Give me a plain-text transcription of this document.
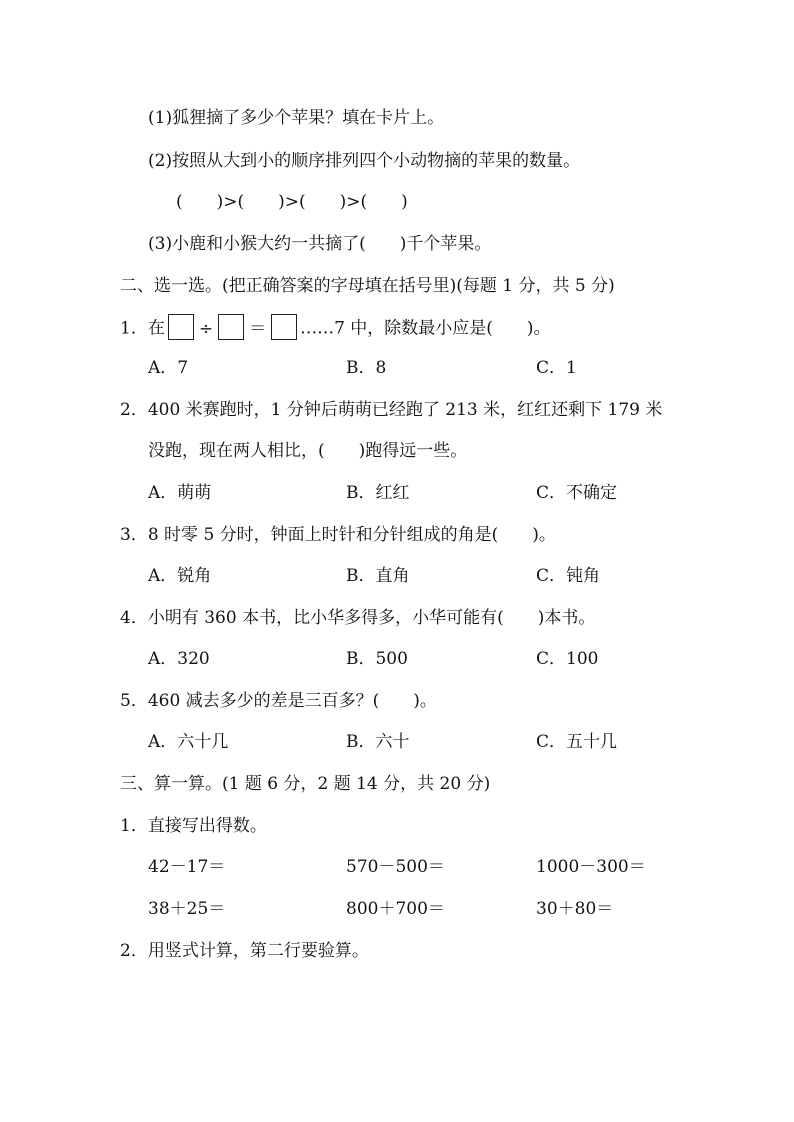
(1)狐狸摘了多少个苹果？填在卡片上。
(2)按照从大到小的顺序排列四个小动物摘的苹果的数量。
(　　)>(　　)>(　　)>(　　)
(3)小鹿和小猴大约一共摘了(　　)千个苹果。
二、选一选。(把正确答案的字母填在括号里)(每题 1 分，共 5 分)
1．在 ÷ ＝ ……7 中，除数最小应是(　　)。
A．7	B．8	C．1
2．400 米赛跑时，1 分钟后萌萌已经跑了 213 米，红红还剩下 179 米
没跑，现在两人相比，(　　)跑得远一些。
A．萌萌	B．红红	C．不确定
3．8 时零 5 分时，钟面上时针和分针组成的角是(　　)。
A．锐角	B．直角	C．钝角
4．小明有 360 本书，比小华多得多，小华可能有(　　)本书。
A．320	B．500	C．100
5．460 减去多少的差是三百多？(　　)。
A．六十几	B．六十	C．五十几
三、算一算。(1 题 6 分，2 题 14 分，共 20 分)
1．直接写出得数。
42－17＝	570－500＝	1000－300＝
38＋25＝	800＋700＝	30＋80＝
2．用竖式计算，第二行要验算。
